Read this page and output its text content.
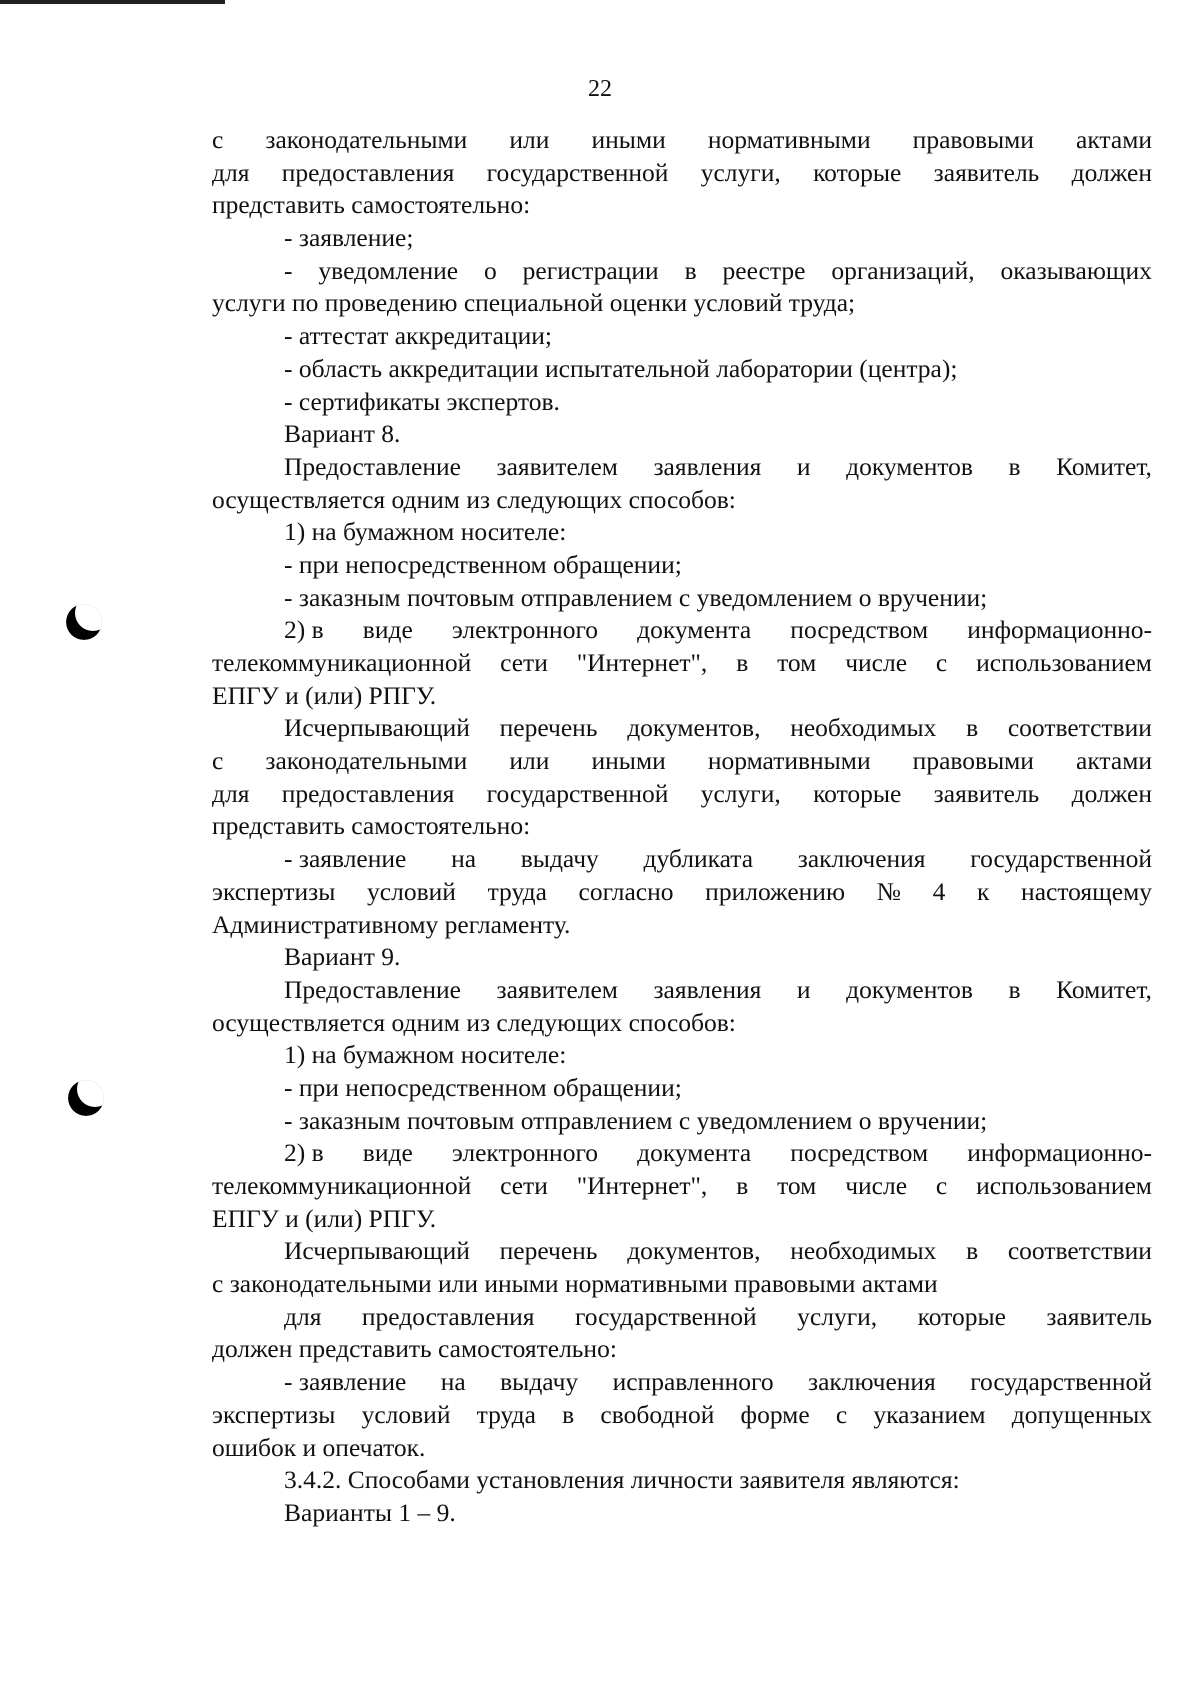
22
с законодательными или иными нормативными правовыми актами
для предоставления государственной услуги, которые заявитель должен
представить самостоятельно:
- заявление;
- уведомление о регистрации в реестре организаций, оказывающих
услуги по проведению специальной оценки условий труда;
- аттестат аккредитации;
- область аккредитации испытательной лаборатории (центра);
- сертификаты экспертов.
Вариант 8.
Предоставление заявителем заявления и документов в Комитет,
осуществляется одним из следующих способов:
1) на бумажном носителе:
- при непосредственном обращении;
- заказным почтовым отправлением с уведомлением о вручении;
2) в виде электронного документа посредством информационно-
телекоммуникационной сети "Интернет", в том числе с использованием
ЕПГУ и (или) РПГУ.
Исчерпывающий перечень документов, необходимых в соответствии
с законодательными или иными нормативными правовыми актами
для предоставления государственной услуги, которые заявитель должен
представить самостоятельно:
- заявление на выдачу дубликата заключения государственной
экспертизы условий труда согласно приложению № 4 к настоящему
Административному регламенту.
Вариант 9.
Предоставление заявителем заявления и документов в Комитет,
осуществляется одним из следующих способов:
1) на бумажном носителе:
- при непосредственном обращении;
- заказным почтовым отправлением с уведомлением о вручении;
2) в виде электронного документа посредством информационно-
телекоммуникационной сети "Интернет", в том числе с использованием
ЕПГУ и (или) РПГУ.
Исчерпывающий перечень документов, необходимых в соответствии
с законодательными или иными нормативными правовыми актами
для предоставления государственной услуги, которые заявитель
должен представить самостоятельно:
- заявление на выдачу исправленного заключения государственной
экспертизы условий труда в свободной форме с указанием допущенных
ошибок и опечаток.
3.4.2. Способами установления личности заявителя являются:
Варианты 1 – 9.
